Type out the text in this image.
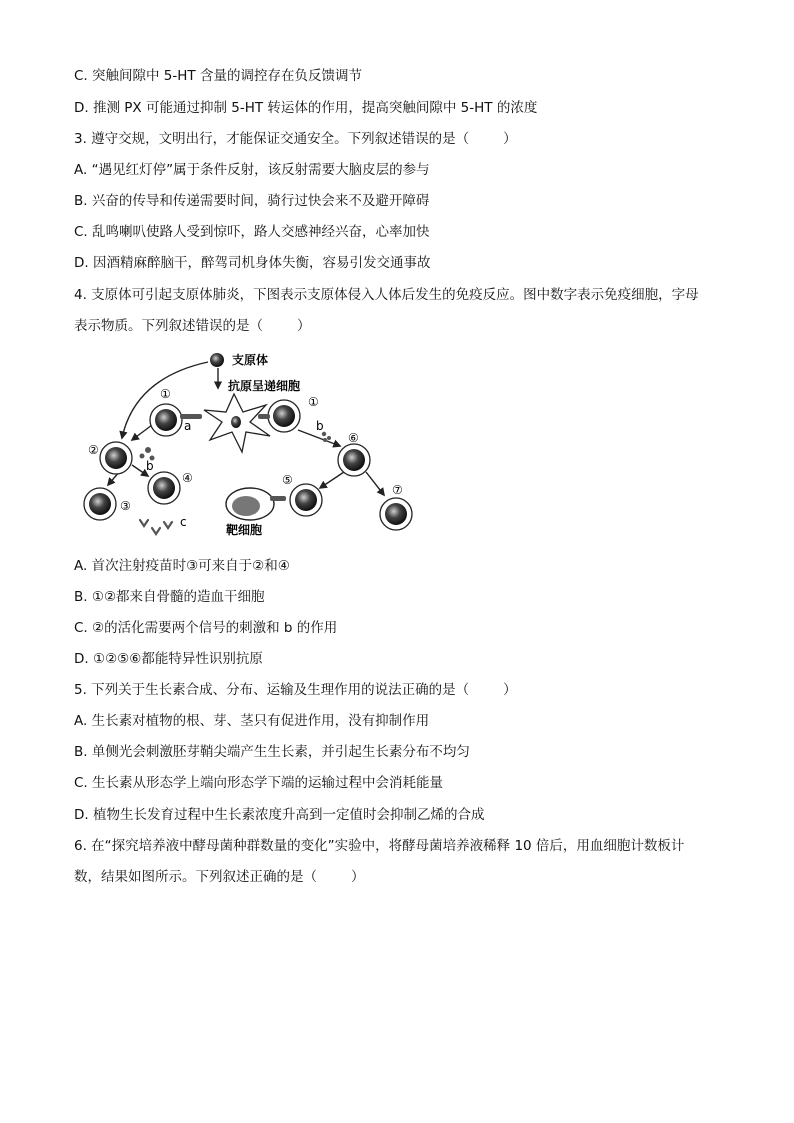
C. 突触间隙中 5-HT 含量的调控存在负反馈调节
D. 推测 PX 可能通过抑制 5-HT 转运体的作用，提高突触间隙中 5-HT 的浓度
3. 遵守交规，文明出行，才能保证交通安全。下列叙述错误的是（	）
A. “遇见红灯停”属于条件反射，该反射需要大脑皮层的参与
B. 兴奋的传导和传递需要时间，骑行过快会来不及避开障碍
C. 乱鸣喇叭使路人受到惊吓，路人交感神经兴奋，心率加快
D. 因酒精麻醉脑干，醉驾司机身体失衡，容易引发交通事故
4. 支原体可引起支原体肺炎，下图表示支原体侵入人体后发生的免疫反应。图中数字表示免疫细胞，字母
表示物质。下列叙述错误的是（	）
支原体
抗原呈递细胞
靶细胞
①
②
③
④	⑤
⑥
⑦
①
a	b
b
c
A. 首次注射疫苗时③可来自于②和④
B. ①②都来自骨髓的造血干细胞
C. ②的活化需要两个信号的刺激和 b 的作用
D. ①②⑤⑥都能特异性识别抗原
5. 下列关于生长素合成、分布、运输及生理作用的说法正确的是（	）
A. 生长素对植物的根、芽、茎只有促进作用，没有抑制作用
B. 单侧光会刺激胚芽鞘尖端产生生长素，并引起生长素分布不均匀
C. 生长素从形态学上端向形态学下端的运输过程中会消耗能量
D. 植物生长发育过程中生长素浓度升高到一定值时会抑制乙烯的合成
6. 在“探究培养液中酵母菌种群数量的变化”实验中，将酵母菌培养液稀释 10 倍后，用血细胞计数板计
数，结果如图所示。下列叙述正确的是（	）
